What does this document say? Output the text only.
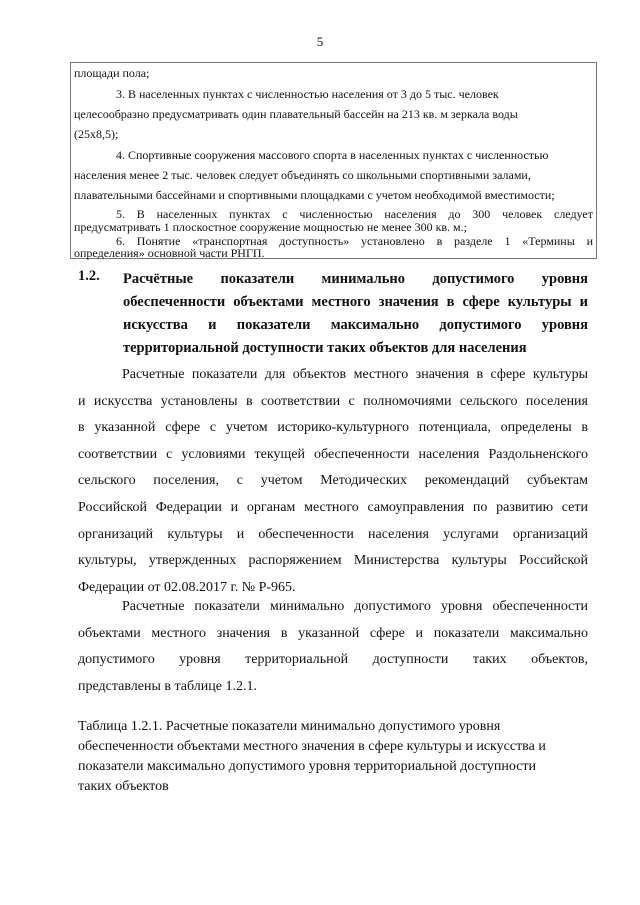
5
площади пола;
3. В населенных пунктах с численностью населения от 3 до 5 тыс. человек
целесообразно предусматривать один плавательный бассейн на 213 кв. м зеркала воды
(25х8,5);
4. Спортивные сооружения массового спорта в населенных пунктах с численностью
населения менее 2 тыс. человек следует объединять со школьными спортивными залами,
плавательными бассейнами и спортивными площадками с учетом необходимой вместимости;
5. В населенных пунктах с численностью населения до 300 человек следует
предусматривать 1 плоскостное сооружение мощностью не менее 300 кв. м.;
6. Понятие «транспортная доступность» установлено в разделе 1 «Термины и
определения» основной части РНГП.
1.2. Расчётные показатели минимально допустимого уровня
обеспеченности объектами местного значения в сфере культуры и
искусства и показатели максимально допустимого уровня
территориальной доступности таких объектов для населения
Расчетные показатели для объектов местного значения в сфере культуры
и искусства установлены в соответствии с полномочиями сельского поселения
в указанной сфере с учетом историко-культурного потенциала, определены в
соответствии с условиями текущей обеспеченности населения Раздольненского
сельского поселения, с учетом Методических рекомендаций субъектам
Российской Федерации и органам местного самоуправления по развитию сети
организаций культуры и обеспеченности населения услугами организаций
культуры, утвержденных распоряжением Министерства культуры Российской
Федерации от 02.08.2017 г. № Р-965.
Расчетные показатели минимально допустимого уровня обеспеченности
объектами местного значения в указанной сфере и показатели максимально
допустимого уровня территориальной доступности таких объектов,
представлены в таблице 1.2.1.
Таблица 1.2.1. Расчетные показатели минимально допустимого уровня
обеспеченности объектами местного значения в сфере культуры и искусства и
показатели максимально допустимого уровня территориальной доступности
таких объектов
